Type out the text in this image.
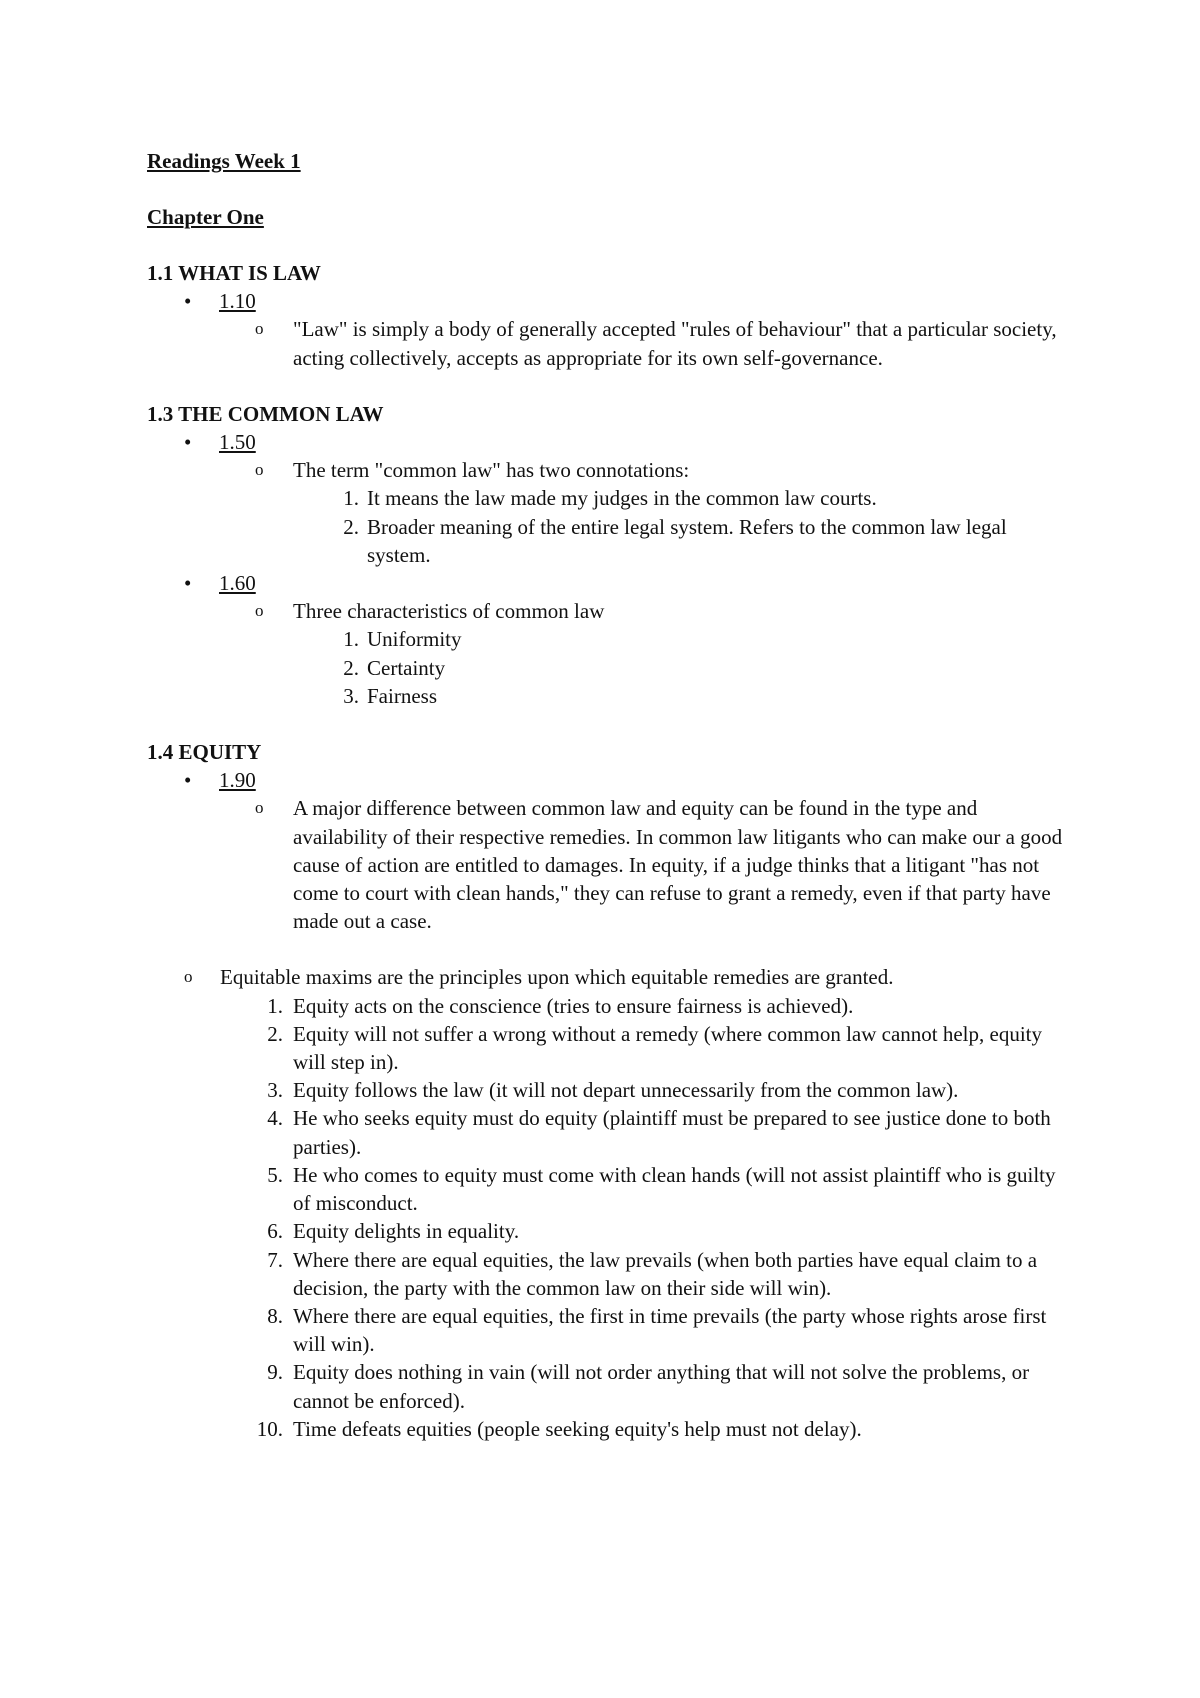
Readings Week 1
Chapter One
1.1 WHAT IS LAW
• 1.10
o "Law" is simply a body of generally accepted "rules of behaviour" that a particular society, acting collectively, accepts as appropriate for its own self-governance.
1.3 THE COMMON LAW
• 1.50
o The term "common law" has two connotations:
1. It means the law made my judges in the common law courts.
2. Broader meaning of the entire legal system. Refers to the common law legal system.
• 1.60
o Three characteristics of common law
1. Uniformity
2. Certainty
3. Fairness
1.4 EQUITY
• 1.90
o A major difference between common law and equity can be found in the type and availability of their respective remedies. In common law litigants who can make our a good cause of action are entitled to damages. In equity, if a judge thinks that a litigant "has not come to court with clean hands," they can refuse to grant a remedy, even if that party have made out a case.
o Equitable maxims are the principles upon which equitable remedies are granted.
1. Equity acts on the conscience (tries to ensure fairness is achieved).
2. Equity will not suffer a wrong without a remedy (where common law cannot help, equity will step in).
3. Equity follows the law (it will not depart unnecessarily from the common law).
4. He who seeks equity must do equity (plaintiff must be prepared to see justice done to both parties).
5. He who comes to equity must come with clean hands (will not assist plaintiff who is guilty of misconduct.
6. Equity delights in equality.
7. Where there are equal equities, the law prevails (when both parties have equal claim to a decision, the party with the common law on their side will win).
8. Where there are equal equities, the first in time prevails (the party whose rights arose first will win).
9. Equity does nothing in vain (will not order anything that will not solve the problems, or cannot be enforced).
10. Time defeats equities (people seeking equity's help must not delay).
